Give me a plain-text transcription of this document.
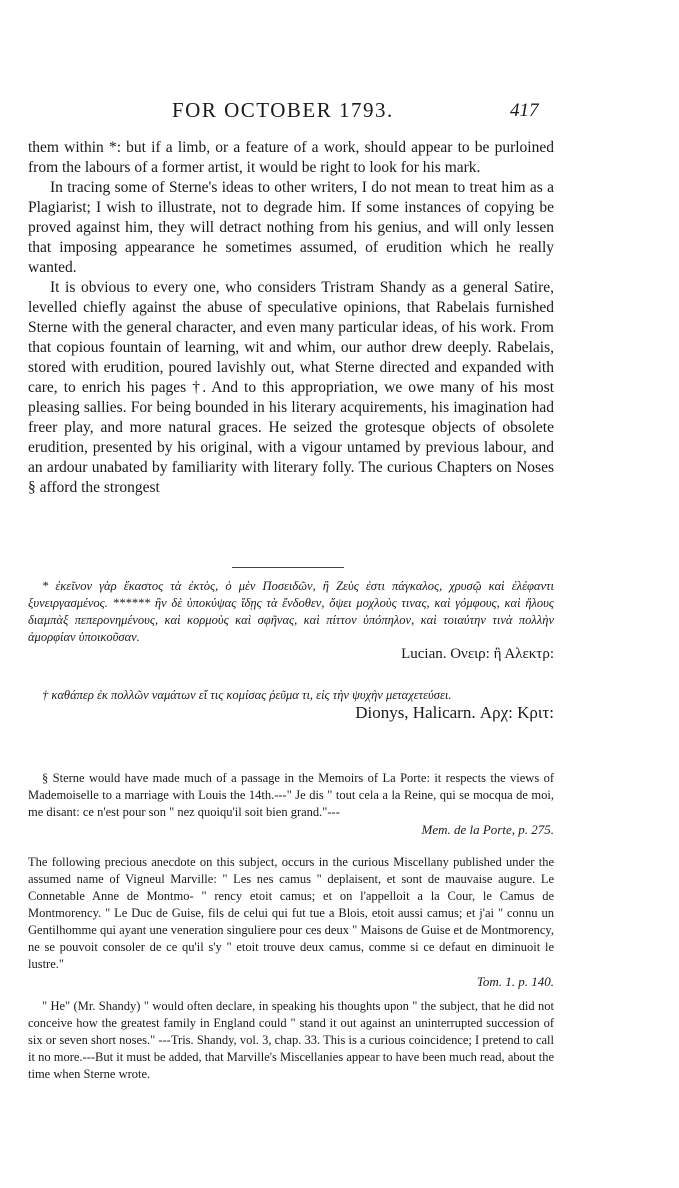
FOR OCTOBER 1793.	417

them within *: but if a limb, or a feature of a work, should appear to be purloined from the labours of a former artist, it would be right to look for his mark.

In tracing some of Sterne's ideas to other writers, I do not mean to treat him as a Plagiarist; I wish to illustrate, not to degrade him. If some instances of copying be proved against him, they will detract nothing from his genius, and will only lessen that imposing appearance he sometimes assumed, of erudition which he really wanted.

It is obvious to every one, who considers Tristram Shandy as a general Satire, levelled chiefly against the abuse of speculative opinions, that Rabelais furnished Sterne with the general character, and even many particular ideas, of his work. From that copious fountain of learning, wit and whim, our author drew deeply. Rabelais, stored with erudition, poured lavishly out, what Sterne directed and expanded with care, to enrich his pages †. And to this appropriation, we owe many of his most pleasing sallies. For being bounded in his literary acquirements, his imagination had freer play, and more natural graces. He seized the grotesque objects of obsolete erudition, presented by his original, with a vigour untamed by previous labour, and an ardour unabated by familiarity with literary folly. The curious Chapters on Noses § afford the strongest

* ἐκεῖνον γὰρ ἕκαστος τὰ ἐκτὸς, ὁ μὲν Ποσειδῶν, ἢ Ζεὺς ἐστι πάγκαλος, χρυσῷ καὶ ἐλέφαντι ξυνειργασμένος. ****** ἢν δὲ ὑποκύψας ἴδῃς τὰ ἔνδοθεν, ὄψει μοχλοὺς τινας, καὶ γόμφους, καὶ ἥλους διαμπὰξ πεπερονημένους, καὶ κορμοὺς καὶ σφῆνας, καὶ πίττον ὑπόπηλον, καὶ τοιαύτην τινὰ πολλὴν ἀμορφίαν ὑποικοῦσαν.

Lucian. Ονειρ: ἢ Αλεκτρ:

† καθάπερ ἐκ πολλῶν ναμάτων εἴ τις κομίσας ῥεῦμα τι, εἰς τὴν ψυχὴν μεταχετεύσει.

Dionys, Halicarn. Αρχ: Κριτ:

§ Sterne would have made much of a passage in the Memoirs of La Porte: it respects the views of Mademoiselle to a marriage with Louis the 14th.---" Je dis " tout cela a la Reine, qui se mocqua de moi, me disant: ce n'est pour son " nez quoiqu'il soit bien grand."---

Mem. de la Porte, p. 275.

The following precious anecdote on this subject, occurs in the curious Miscellany published under the assumed name of Vigneul Marville: " Les nes camus " deplaisent, et sont de mauvaise augure. Le Connetable Anne de Montmo- " rency etoit camus; et on l'appelloit a la Cour, le Camus de Montmorency. " Le Duc de Guise, fils de celui qui fut tue a Blois, etoit aussi camus; et j'ai " connu un Gentilhomme qui ayant une veneration singuliere pour ces deux " Maisons de Guise et de Montmorency, ne se pouvoit consoler de ce qu'il s'y " etoit trouve deux camus, comme si ce defaut en diminuoit le lustre."

Tom. 1. p. 140.

" He" (Mr. Shandy) " would often declare, in speaking his thoughts upon " the subject, that he did not conceive how the greatest family in England could " stand it out against an uninterrupted succession of six or seven short noses." ---Tris. Shandy, vol. 3, chap. 33. This is a curious coincidence; I pretend to call it no more.---But it must be added, that Marville's Miscellanies appear to have been much read, about the time when Sterne wrote.
